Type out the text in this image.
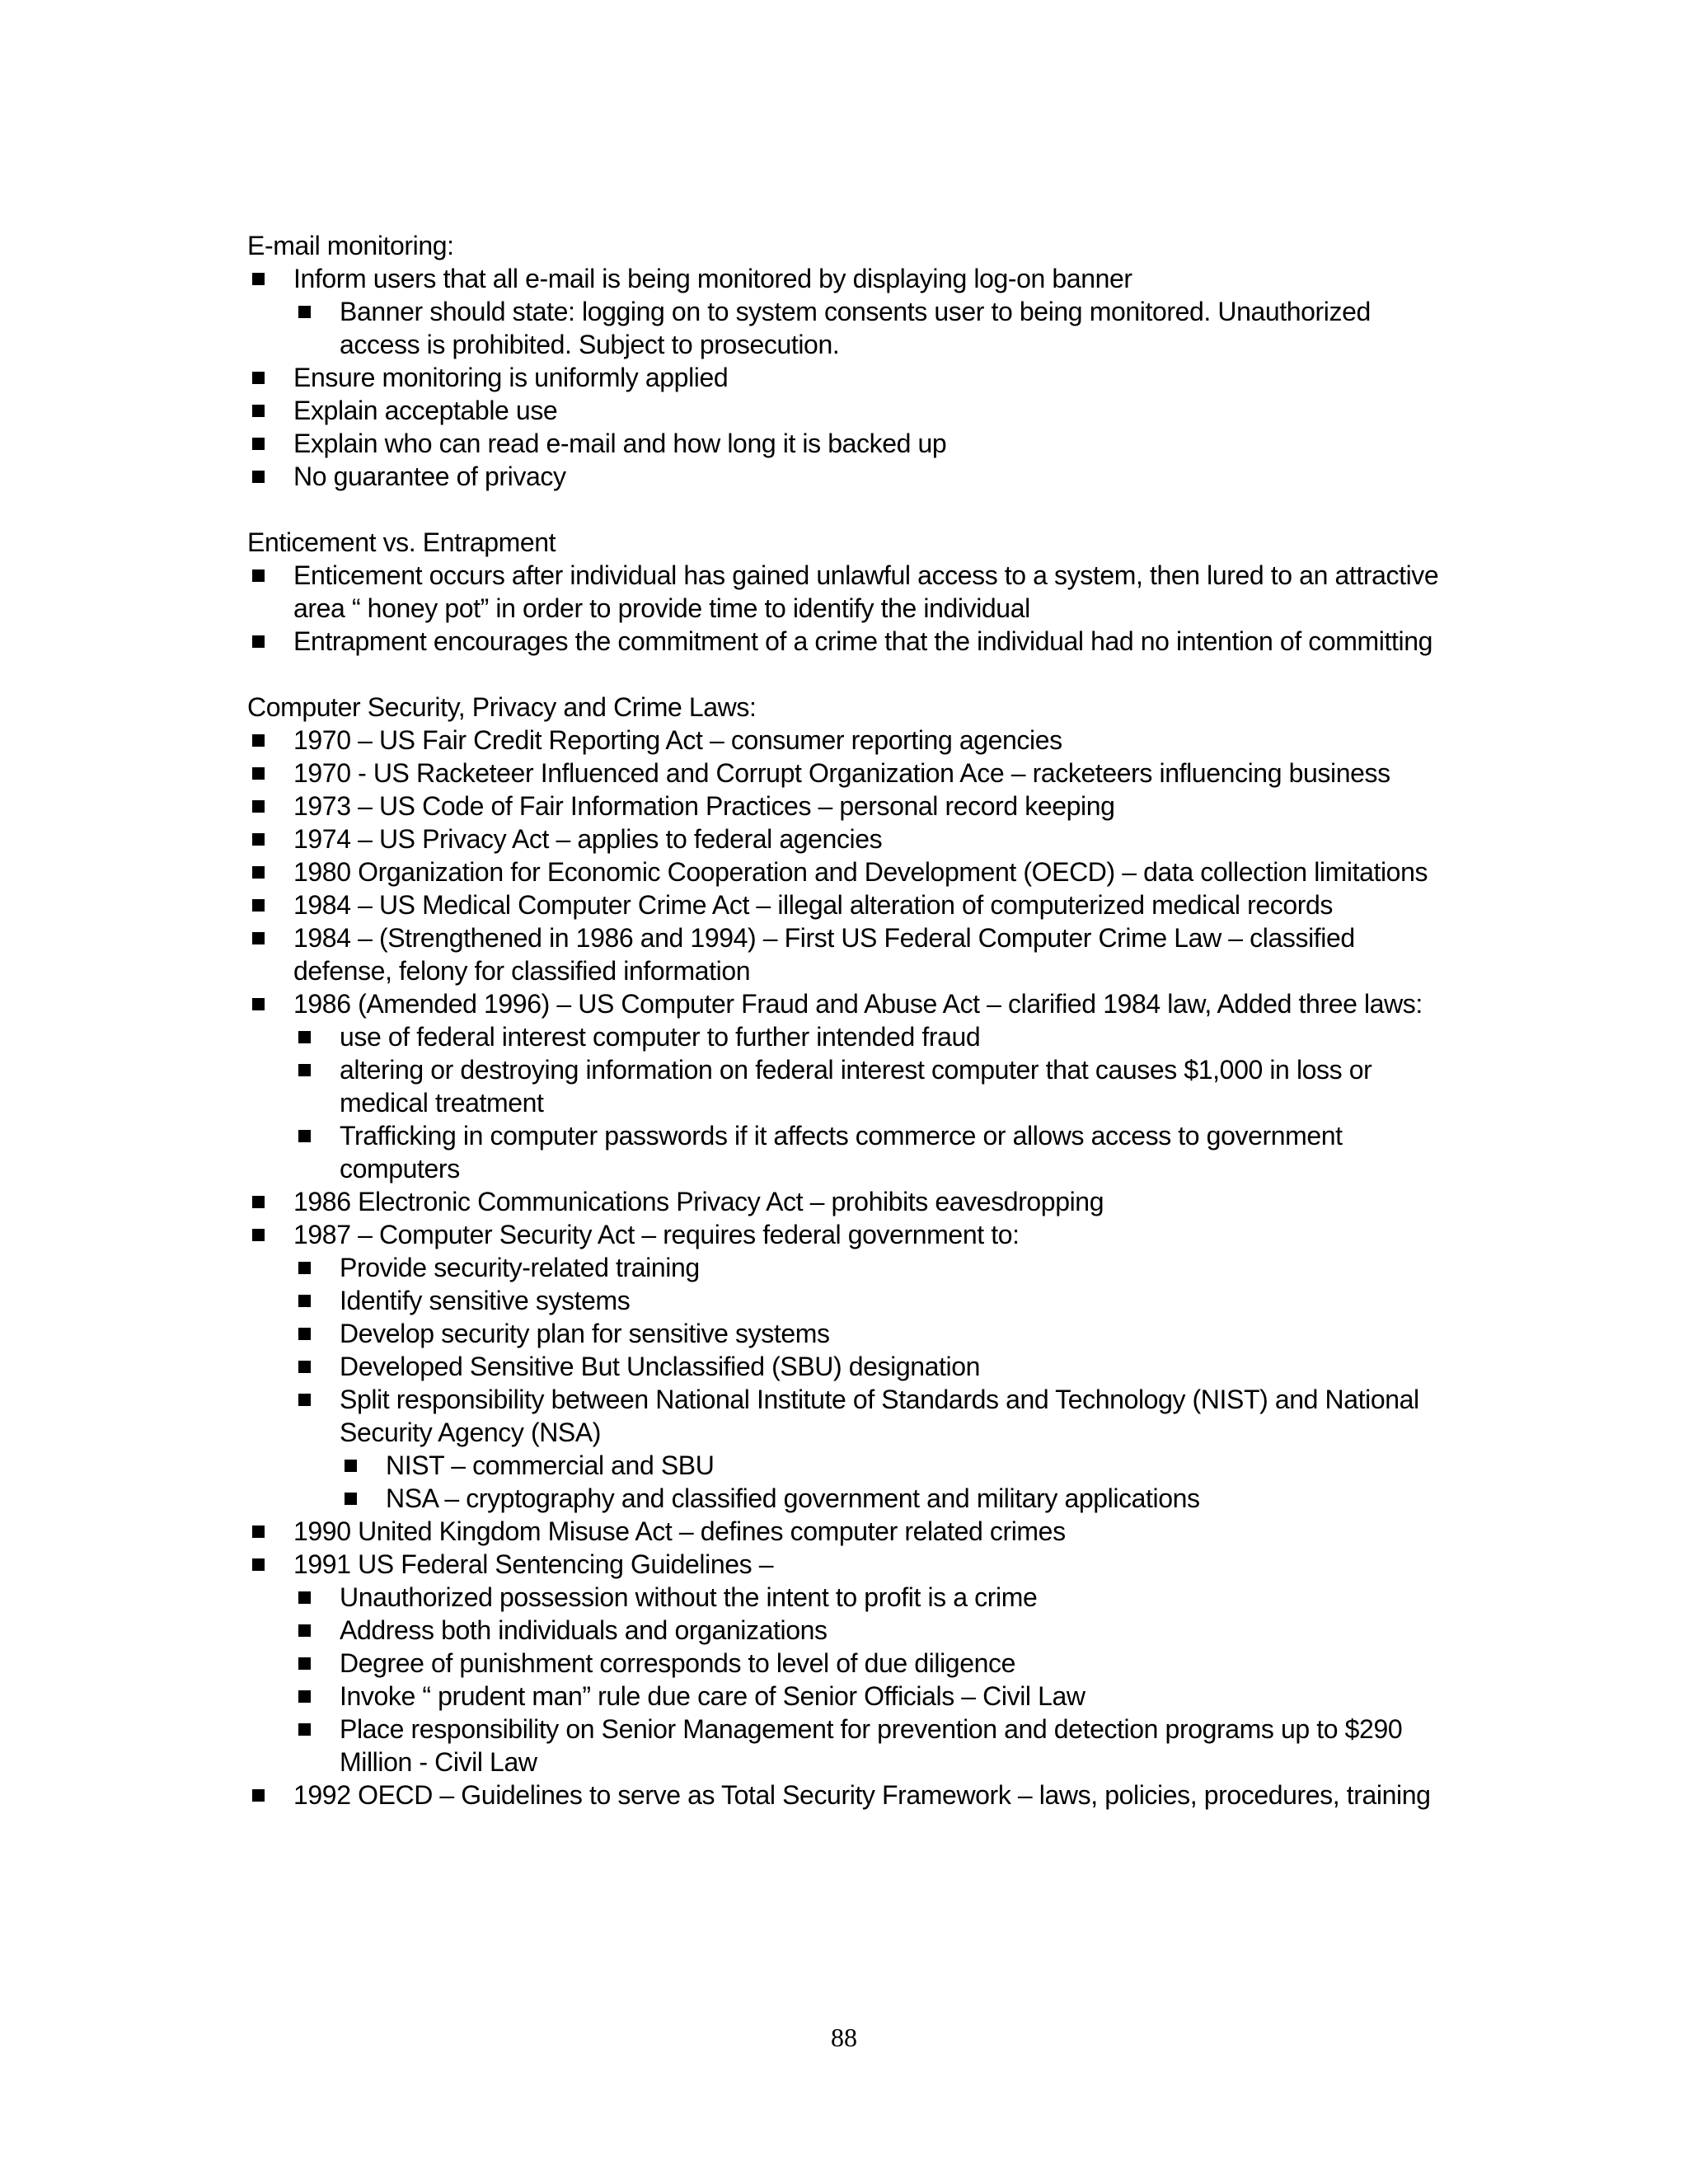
E-mail monitoring:
Inform users that all e-mail is being monitored by displaying log-on banner
Banner should state: logging on to system consents user to being monitored. Unauthorized access is prohibited. Subject to prosecution.
Ensure monitoring is uniformly applied
Explain acceptable use
Explain who can read e-mail and how long it is backed up
No guarantee of privacy
Enticement vs. Entrapment
Enticement occurs after individual has gained unlawful access to a system, then lured to an attractive area “ honey pot” in order to provide time to identify the individual
Entrapment encourages the commitment of a crime that the individual had no intention of committing
Computer Security, Privacy and Crime Laws:
1970 – US Fair Credit Reporting Act – consumer reporting agencies
1970 - US Racketeer Influenced and Corrupt Organization Ace – racketeers influencing business
1973 – US Code of Fair Information Practices – personal record keeping
1974 – US Privacy Act – applies to federal agencies
1980 Organization for Economic Cooperation and Development (OECD) – data collection limitations
1984 – US Medical Computer Crime Act – illegal alteration of computerized medical records
1984 – (Strengthened in 1986 and 1994) – First US Federal Computer Crime Law – classified defense, felony for classified information
1986 (Amended 1996) – US Computer Fraud and Abuse Act – clarified 1984 law, Added three laws:
use of federal interest computer to further intended fraud
altering or destroying information on federal interest computer that causes $1,000 in loss or medical treatment
Trafficking in computer passwords if it affects commerce or allows access to government computers
1986 Electronic Communications Privacy Act – prohibits eavesdropping
1987 – Computer Security Act – requires federal government to:
Provide security-related training
Identify sensitive systems
Develop security plan for sensitive systems
Developed Sensitive But Unclassified (SBU) designation
Split responsibility between National Institute of Standards and Technology (NIST) and National Security Agency (NSA)
NIST – commercial and SBU
NSA – cryptography and classified government and military applications
1990 United Kingdom Misuse Act – defines computer related crimes
1991 US Federal Sentencing Guidelines –
Unauthorized possession without the intent to profit is a crime
Address both individuals and organizations
Degree of punishment corresponds to level of due diligence
Invoke “ prudent man” rule due care of Senior Officials – Civil Law
Place responsibility on Senior Management for prevention and detection programs up to $290 Million - Civil Law
1992 OECD – Guidelines to serve as Total Security Framework – laws, policies, procedures, training
88
